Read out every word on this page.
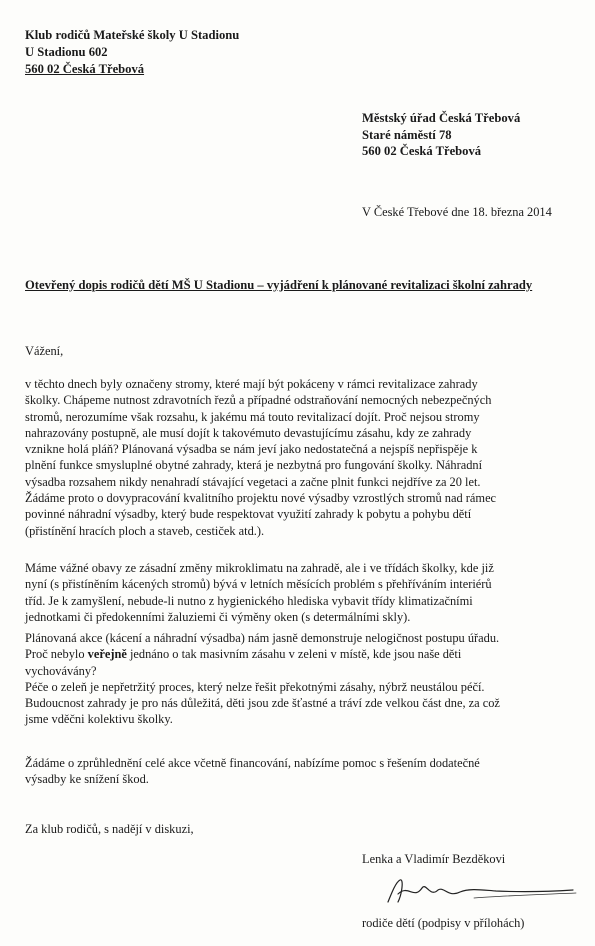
Klub rodičů Mateřské školy U Stadionu
U Stadionu 602
560 02 Česká Třebová
Městský úřad Česká Třebová
Staré náměstí 78
560 02 Česká Třebová
V České Třebové dne 18. března 2014
Otevřený dopis rodičů dětí MŠ U Stadionu – vyjádření k plánované revitalizaci školní zahrady
Vážení,
v těchto dnech byly označeny stromy, které mají být pokáceny v rámci revitalizace zahrady
školky. Chápeme nutnost zdravotních řezů a případné odstraňování nemocných nebezpečných
stromů, nerozumíme však rozsahu, k jakému má touto revitalizací dojít. Proč nejsou stromy
nahrazovány postupně, ale musí dojít k takovémuto devastujícímu zásahu, kdy ze zahrady
vznikne holá pláň? Plánovaná výsadba se nám jeví jako nedostatečná a nejspíš nepřispěje k
plnění funkce smysluplné obytné zahrady, která je nezbytná pro fungování školky. Náhradní
výsadba rozsahem nikdy nenahradí stávající vegetaci a začne plnit funkci nejdříve za 20 let.
Žádáme proto o dovypracování kvalitního projektu nové výsadby vzrostlých stromů nad rámec
povinné náhradní výsadby, který bude respektovat využití zahrady k pobytu a pohybu dětí
(přistínění hracích ploch a staveb, cestiček atd.).
Máme vážné obavy ze zásadní změny mikroklimatu na zahradě, ale i ve třídách školky, kde již
nyní (s přistíněním kácených stromů) bývá v letních měsících problém s přehříváním interiérů
tříd. Je k zamyšlení, nebude-li nutno z hygienického hlediska vybavit třídy klimatizačními
jednotkami či předokenními žaluziemi či výměny oken (s determálními skly).
Plánovaná akce (kácení a náhradní výsadba) nám jasně demonstruje nelogičnost postupu úřadu.
Proč nebylo veřejně jednáno o tak masivním zásahu v zeleni v místě, kde jsou naše děti
vychovávány?
Péče o zeleň je nepřetržitý proces, který nelze řešit překotnými zásahy, nýbrž neustálou péčí.
Budoucnost zahrady je pro nás důležitá, děti jsou zde šťastné a tráví zde velkou část dne, za což
jsme vděčni kolektivu školky.
Žádáme o zprůhlednění celé akce včetně financování, nabízíme pomoc s řešením dodatečné
výsadby ke snížení škod.
Za klub rodičů, s nadějí v diskuzi,
Lenka a Vladimír Bezděkovi
rodiče dětí (podpisy v přílohách)
